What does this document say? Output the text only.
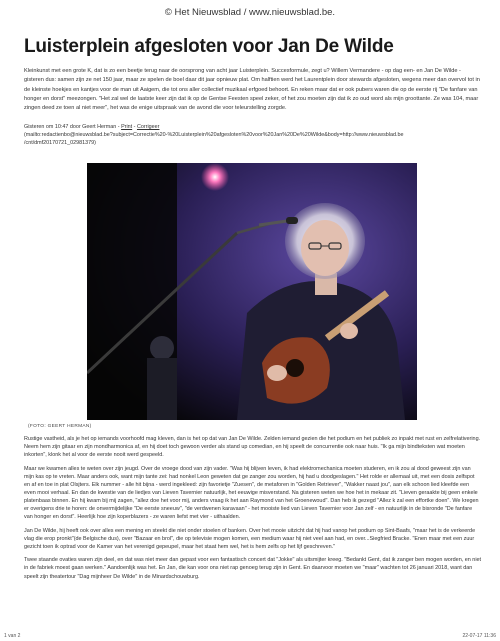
© Het Nieuwsblad / www.nieuwsblad.be.
Luisterplein afgesloten voor Jan De Wilde

Kleinkunst met een grote K, dat is zo een beetje terug naar de oorsprong van acht jaar Luisterplein. Succesformule, zegt u? Willem Vermandere - op dag een- en Jan De Wilde - gisteren dus: samen zijn ze net 150 jaar, maar ze spelen de boel daar dit jaar opnieuw plat. Om halftien werd het Laurentplein door stewards afgesloten, wegens meer dan overvol tot in de kleinste hoekjes en kantjes voor de man uit Aaigem, die tot ons aller collectief muzikaal erfgoed behoort. En reken maar dat er ook pubers waren die op de eerste rij "De fanfare van honger en dorst" meezongen. "Het zal wel de laatste keer zijn dat ik op de Gentse Feesten speel zeker, of het zou moeten zijn dat ik zo oud word als mijn groottante. Ze was 104, maar zingen deed ze toen al niet meer", het was de enige uitspraak van de avond die voor teleurstelling zorgde.

Gisteren om 10:47 door Geert Herman - Print - Corrigeer
(mailto:redactienbo@nieuwsblad.be?subject=Correctie%20-%20Luisterplein%20afgesloten%20voor%20Jan%20De%20Wilde&body=http://www.nieuwsblad.be
/cnt/dmf20170721_02981379)
(FOTO: GEERT HERMAN)

Rustige vastheid, als je het op iemands voorhoofd mag kleven, dan is het op dat van Jan De Wilde. Zelden iemand gezien die het podium en het publiek zo inpakt met rust en zelfrelativering. Neem hem zijn gitaar en zijn mondharmonica af, en hij doet toch gewoon verder als stand up comedian, en hij speelt de concurrentie ook naar huis. "Ik ga mijn bindteksten wat moeten inkorten", klonk het al voor de eerste nooit werd gespeeld.

Maar we kwamen alles te weten over zijn jeugd. Over de vroege dood van zijn vader. "Was hij blijven leven, ik had elektromechanica moeten studeren, en ik zou al dood geweest zijn van mijn kas op te vreten. Maar anders ook, want mijn tante zei: had nonkel Leon geweten dat ge zanger zou worden, hij had u doodgeslagen." Het rolde er allemaal uit, met een dosis zelfspot en af en toe in plat Olsjters. Elk nummer - alle hit bijna - werd ingekleed: zijn favorietje "Zuesen", de metaforen in "Golden Retriever", "Wakker naast jou", aan elk schoon lied kleefde een even mooi verhaal. En dan de kwestie van de liedjes van Lieven Tavernier natuurlijk, het eeuwige misverstand. Na gisteren weten we hoe het in mekaar zit. "Lieven geraakte bij geen enkele platenbaas binnen. En hij kwam bij mij zagen, "allez doe het voor mij, anders vraag ik het aan Raymond van het Groenewoud". Dan heb ik gezegd "Allez k zal een effortke doen". We kregen er overigens drie te horen: de onvermijdelijke "De eerste sneeuw", "de verdwenen karavaan" - het mooiste lied van Lieven Tavernier voor Jan zelf - en natuurlijk in de bisronde "De fanfare van honger en dorst". Heerlijk hoe zijn koperblazers - ze waren liefst met vier - uithaalden.

Jan De Wilde, hij heeft ook over alles een mening en steekt die niet onder stoelen of banken. Over het mooie uitzicht dat hij had vanop het podium op Sint-Baafs, "maar het is de verkeerde vlag die erop pronkt"(de Belgische dus), over "Bazaar en brol", die op televisie mogen komen, een medium waar hij niet veel aan had, en over...Siegfried Bracke. "Enen maar met een zuur gezicht toen ik optrad voor de Kamer van het verenigd gepeupel, maar het staat hem wel, het is hem zelfs op het lijf geschreven."

Twee staande ovaties waren zijn deel, en dat was niet meer dan gepast voor een fantastisch concert dat "Jokke" als uitsmijter kreeg. "Bedankt Gent, dat ik zanger ben mogen worden, en niet in de fabriek moest gaan werken." Aandoenlijk was het. En Jan, die kan voor ons niet rap genoeg terug zijn in Gent. En daarvoor moeten we "maar" wachten tot 26 januari 2018, want dan speelt zijn theatertour "Dag mijnheer De Wilde" in de Minardschouwburg.

1 van 2	22-07-17 11:36
